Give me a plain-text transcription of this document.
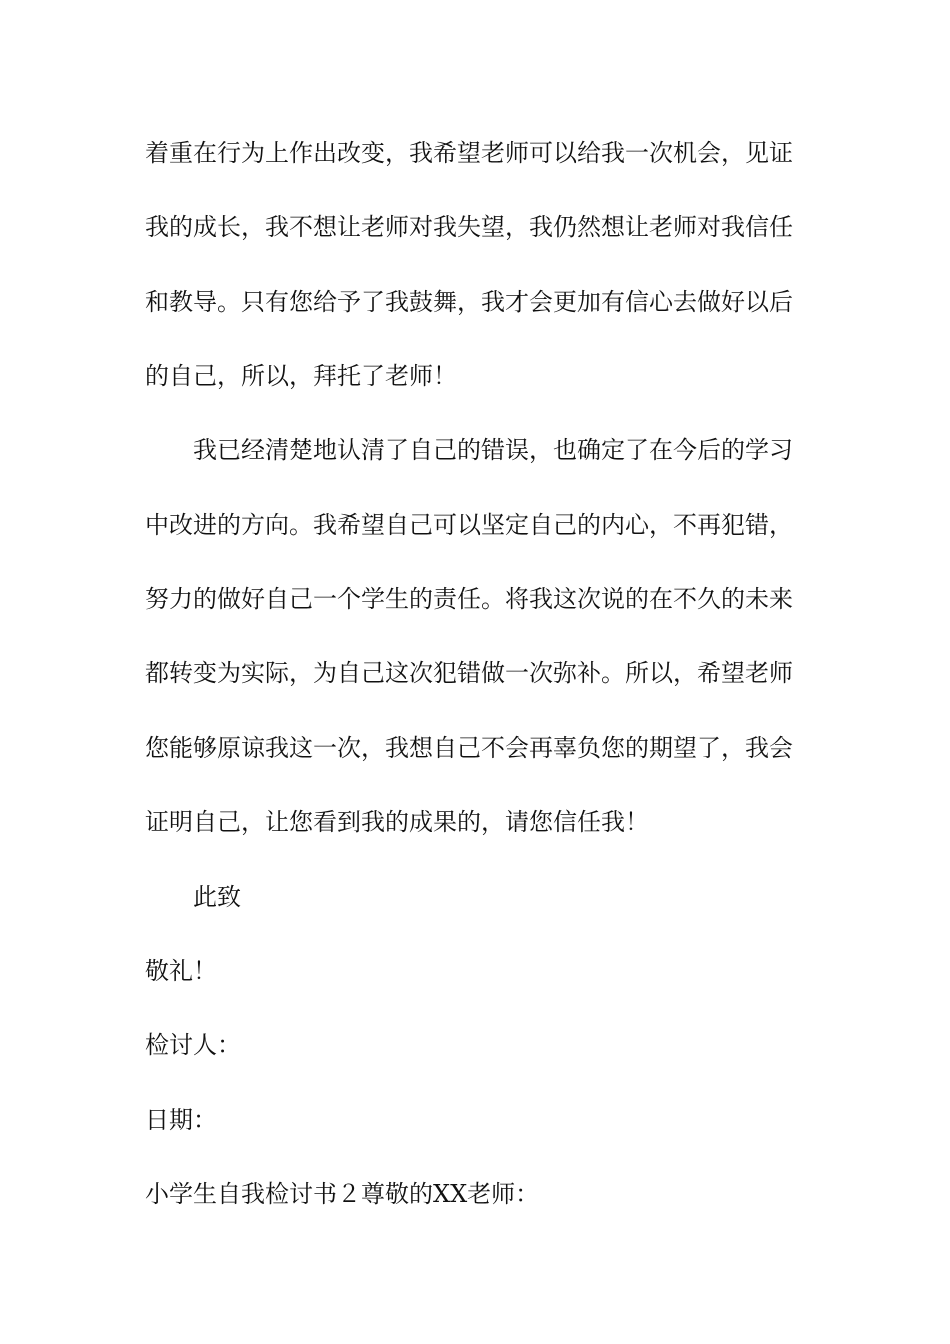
着重在行为上作出改变，我希望老师可以给我一次机会，见证
我的成长，我不想让老师对我失望，我仍然想让老师对我信任
和教导。只有您给予了我鼓舞，我才会更加有信心去做好以后
的自己，所以，拜托了老师！
我已经清楚地认清了自己的错误，也确定了在今后的学习
中改进的方向。我希望自己可以坚定自己的内心，不再犯错，
努力的做好自己一个学生的责任。将我这次说的在不久的未来
都转变为实际，为自己这次犯错做一次弥补。所以，希望老师
您能够原谅我这一次，我想自己不会再辜负您的期望了，我会
证明自己，让您看到我的成果的，请您信任我！
此致
敬礼！
检讨人：
日期：
小学生自我检讨书２尊敬的XX老师：
